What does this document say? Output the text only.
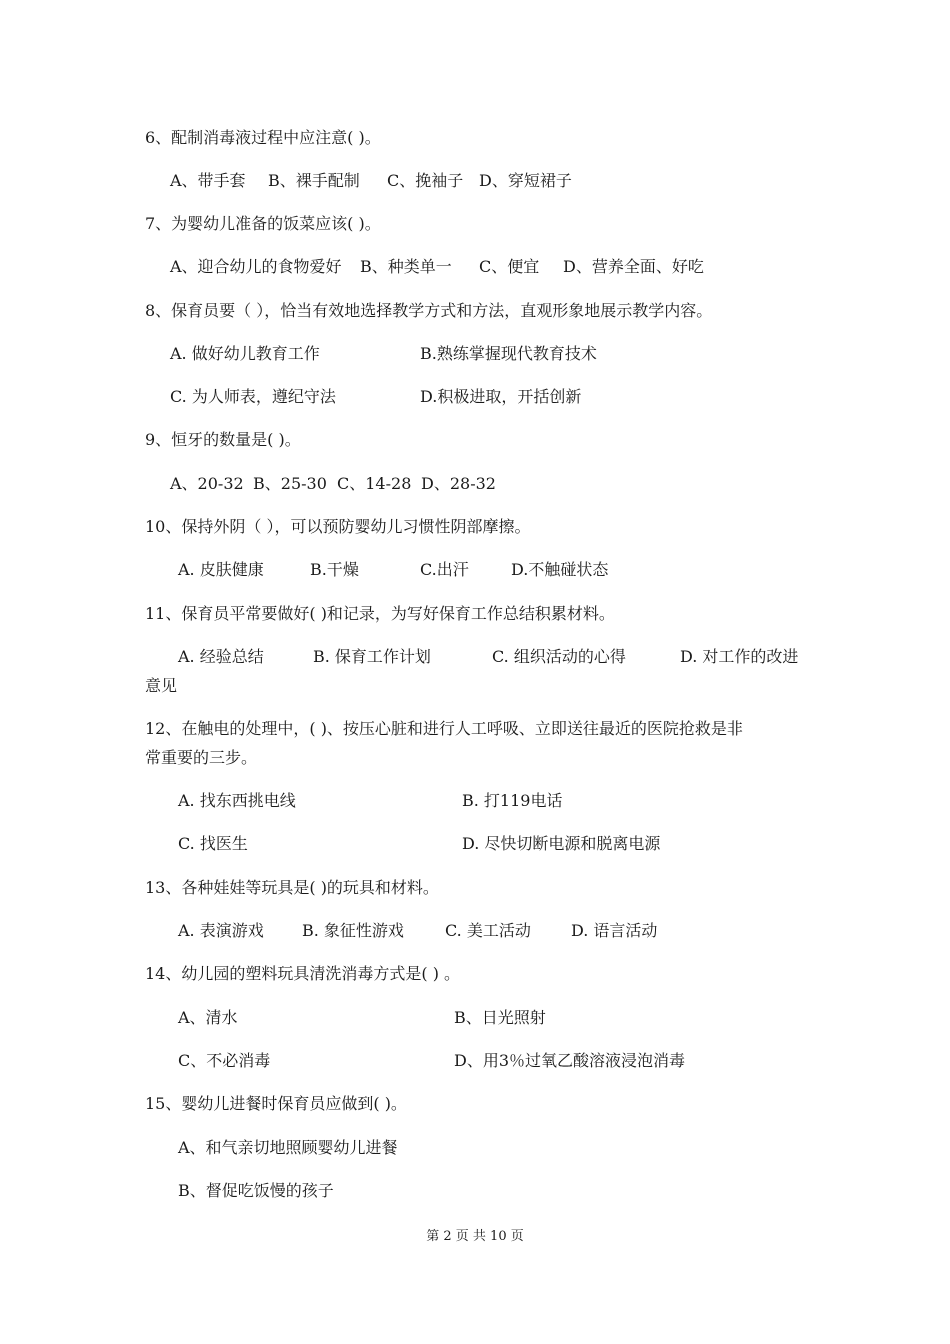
6、配制消毒液过程中应注意( )。
A、带手套 B、裸手配制 C、挽袖子 D、穿短裙子
7、为婴幼儿准备的饭菜应该( )。
A、迎合幼儿的食物爱好 B、种类单一 C、便宜 D、营养全面、好吃
8、保育员要（ ），恰当有效地选择教学方式和方法，直观形象地展示教学内容。
A. 做好幼儿教育工作	B.熟练掌握现代教育技术
C. 为人师表，遵纪守法	D.积极进取，开括创新
9、恒牙的数量是( )。
A、20-32 B、25-30 C、14-28 D、28-32
10、保持外阴（ ），可以预防婴幼儿习惯性阴部摩擦。
A. 皮肤健康	B.干燥	C.出汗	D.不触碰状态
11、保育员平常要做好( )和记录，为写好保育工作总结积累材料。
A. 经验总结	B. 保育工作计划	C. 组织活动的心得	D. 对工作的改进
意见
12、在触电的处理中，( )、按压心脏和进行人工呼吸、立即送往最近的医院抢救是非
常重要的三步。
A. 找东西挑电线	B. 打119电话
C. 找医生	D. 尽快切断电源和脱离电源
13、各种娃娃等玩具是( )的玩具和材料。
A. 表演游戏 B. 象征性游戏	C. 美工活动	D. 语言活动
14、幼儿园的塑料玩具清洗消毒方式是( ) 。
A、清水	B、日光照射
C、不必消毒	D、用3％过氧乙酸溶液浸泡消毒
15、婴幼儿进餐时保育员应做到( )。
A、和气亲切地照顾婴幼儿进餐
B、督促吃饭慢的孩子
第 2 页 共 10 页
